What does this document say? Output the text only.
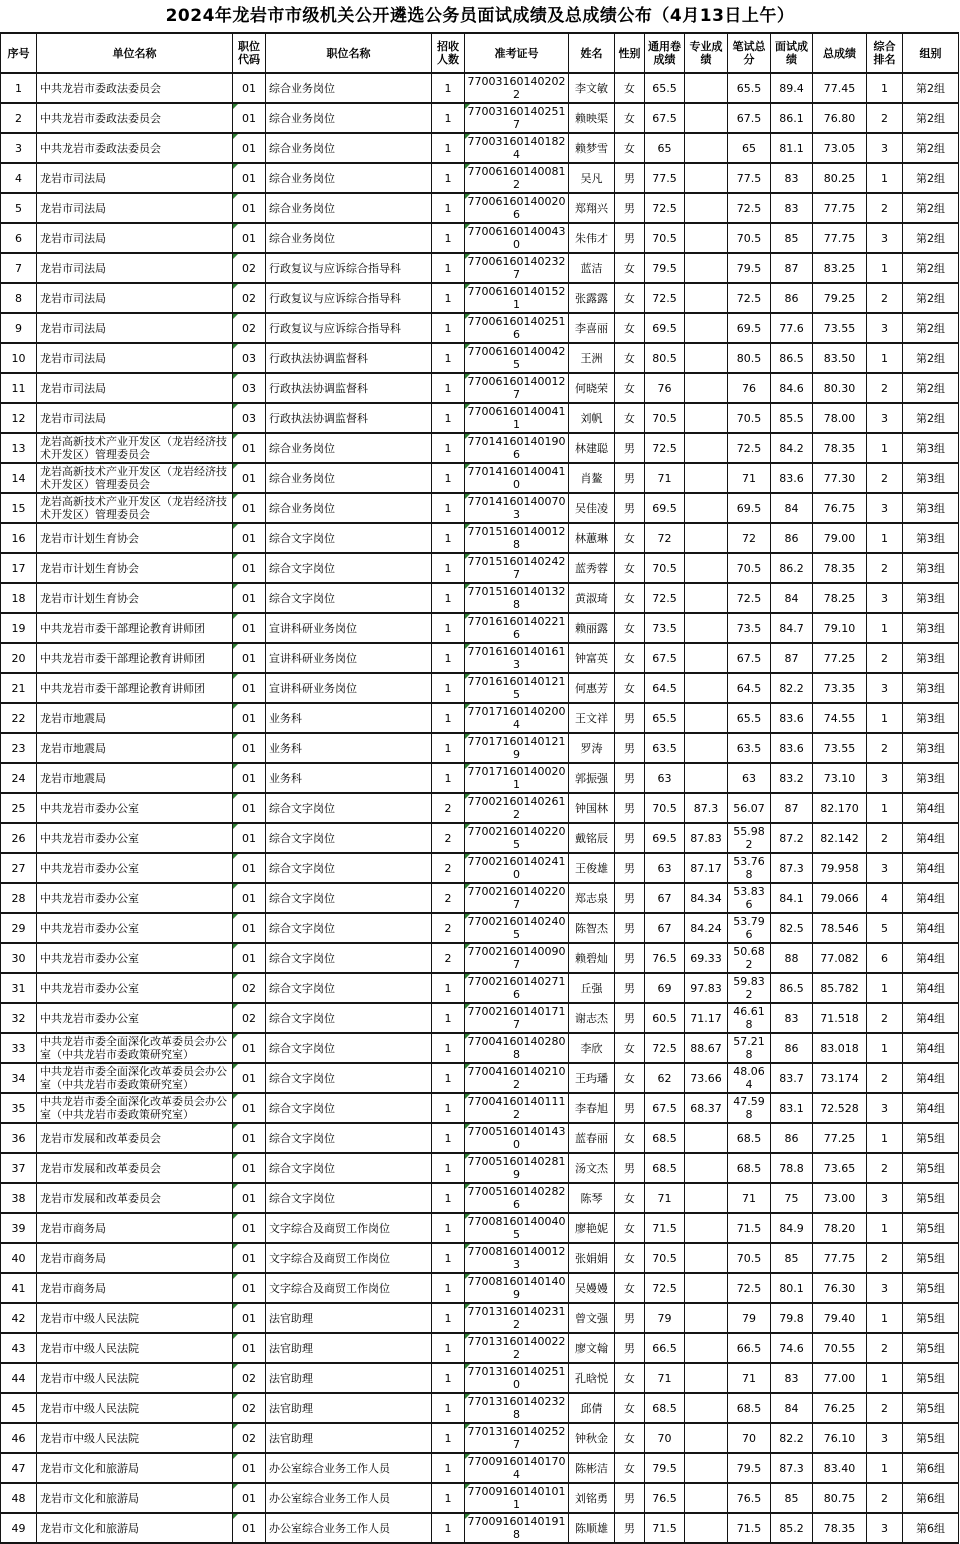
2024年龙岩市市级机关公开遴选公务员面试成绩及总成绩公布（4月13日上午）
序号	单位名称	职位代码	职位名称	招收人数	准考证号	姓名	性别	通用卷成绩	专业成绩	笔试总分	面试成绩	总成绩	综合排名	组别
1	中共龙岩市委政法委员会	01	综合业务岗位	1	770031601402022	李文敏	女	65.5		65.5	89.4	77.45	1	第2组
2	中共龙岩市委政法委员会	01	综合业务岗位	1	770031601402517	赖映渠	女	67.5		67.5	86.1	76.80	2	第2组
3	中共龙岩市委政法委员会	01	综合业务岗位	1	770031601401824	赖梦雪	女	65		65	81.1	73.05	3	第2组
4	龙岩市司法局	01	综合业务岗位	1	770061601400812	吴凡	男	77.5		77.5	83	80.25	1	第2组
5	龙岩市司法局	01	综合业务岗位	1	770061601400206	郑翔兴	男	72.5		72.5	83	77.75	2	第2组
6	龙岩市司法局	01	综合业务岗位	1	770061601400430	朱伟才	男	70.5		70.5	85	77.75	3	第2组
7	龙岩市司法局	02	行政复议与应诉综合指导科	1	770061601402327	蓝洁	女	79.5		79.5	87	83.25	1	第2组
8	龙岩市司法局	02	行政复议与应诉综合指导科	1	770061601401521	张露露	女	72.5		72.5	86	79.25	2	第2组
9	龙岩市司法局	02	行政复议与应诉综合指导科	1	770061601402516	李喜丽	女	69.5		69.5	77.6	73.55	3	第2组
10	龙岩市司法局	03	行政执法协调监督科	1	770061601400425	王洲	女	80.5		80.5	86.5	83.50	1	第2组
11	龙岩市司法局	03	行政执法协调监督科	1	770061601400127	何晓荣	女	76		76	84.6	80.30	2	第2组
12	龙岩市司法局	03	行政执法协调监督科	1	770061601400411	刘帆	女	70.5		70.5	85.5	78.00	3	第2组
13	龙岩高新技术产业开发区（龙岩经济技术开发区）管理委员会	01	综合业务岗位	1	770141601401906	林建聪	男	72.5		72.5	84.2	78.35	1	第3组
14	龙岩高新技术产业开发区（龙岩经济技术开发区）管理委员会	01	综合业务岗位	1	770141601400410	肖鳌	男	71		71	83.6	77.30	2	第3组
15	龙岩高新技术产业开发区（龙岩经济技术开发区）管理委员会	01	综合业务岗位	1	770141601400703	吴佳凌	男	69.5		69.5	84	76.75	3	第3组
16	龙岩市计划生育协会	01	综合文字岗位	1	770151601400128	林蕙琳	女	72		72	86	79.00	1	第3组
17	龙岩市计划生育协会	01	综合文字岗位	1	770151601402427	蓝秀蓉	女	70.5		70.5	86.2	78.35	2	第3组
18	龙岩市计划生育协会	01	综合文字岗位	1	770151601401328	黄淑琦	女	72.5		72.5	84	78.25	3	第3组
19	中共龙岩市委干部理论教育讲师团	01	宣讲科研业务岗位	1	770161601402216	赖丽露	女	73.5		73.5	84.7	79.10	1	第3组
20	中共龙岩市委干部理论教育讲师团	01	宣讲科研业务岗位	1	770161601401613	钟富英	女	67.5		67.5	87	77.25	2	第3组
21	中共龙岩市委干部理论教育讲师团	01	宣讲科研业务岗位	1	770161601401215	何惠芳	女	64.5		64.5	82.2	73.35	3	第3组
22	龙岩市地震局	01	业务科	1	770171601402004	王文祥	男	65.5		65.5	83.6	74.55	1	第3组
23	龙岩市地震局	01	业务科	1	770171601401219	罗涛	男	63.5		63.5	83.6	73.55	2	第3组
24	龙岩市地震局	01	业务科	1	770171601400201	郭振强	男	63		63	83.2	73.10	3	第3组
25	中共龙岩市委办公室	01	综合文字岗位	2	770021601402612	钟国林	男	70.5	87.3	56.07	87	82.170	1	第4组
26	中共龙岩市委办公室	01	综合文字岗位	2	770021601402205	戴铭辰	男	69.5	87.83	55.982	87.2	82.142	2	第4组
27	中共龙岩市委办公室	01	综合文字岗位	2	770021601402410	王俊雄	男	63	87.17	53.768	87.3	79.958	3	第4组
28	中共龙岩市委办公室	01	综合文字岗位	2	770021601402207	郑志泉	男	67	84.34	53.836	84.1	79.066	4	第4组
29	中共龙岩市委办公室	01	综合文字岗位	2	770021601402405	陈智杰	男	67	84.24	53.796	82.5	78.546	5	第4组
30	中共龙岩市委办公室	01	综合文字岗位	2	770021601400907	赖碧灿	男	76.5	69.33	50.682	88	77.082	6	第4组
31	中共龙岩市委办公室	02	综合文字岗位	1	770021601402716	丘强	男	69	97.83	59.832	86.5	85.782	1	第4组
32	中共龙岩市委办公室	02	综合文字岗位	1	770021601401717	谢志杰	男	60.5	71.17	46.618	83	71.518	2	第4组
33	中共龙岩市委全面深化改革委员会办公室（中共龙岩市委政策研究室）	01	综合文字岗位	1	770041601402808	李欣	女	72.5	88.67	57.218	86	83.018	1	第4组
34	中共龙岩市委全面深化改革委员会办公室（中共龙岩市委政策研究室）	01	综合文字岗位	1	770041601402102	王玙璠	女	62	73.66	48.064	83.7	73.174	2	第4组
35	中共龙岩市委全面深化改革委员会办公室（中共龙岩市委政策研究室）	01	综合文字岗位	1	770041601401112	李春旭	男	67.5	68.37	47.598	83.1	72.528	3	第4组
36	龙岩市发展和改革委员会	01	综合文字岗位	1	770051601401430	蓝春丽	女	68.5		68.5	86	77.25	1	第5组
37	龙岩市发展和改革委员会	01	综合文字岗位	1	770051601402819	汤文杰	男	68.5		68.5	78.8	73.65	2	第5组
38	龙岩市发展和改革委员会	01	综合文字岗位	1	770051601402826	陈琴	女	71		71	75	73.00	3	第5组
39	龙岩市商务局	01	文字综合及商贸工作岗位	1	770081601400405	廖艳妮	女	71.5		71.5	84.9	78.20	1	第5组
40	龙岩市商务局	01	文字综合及商贸工作岗位	1	770081601400123	张娟娟	女	70.5		70.5	85	77.75	2	第5组
41	龙岩市商务局	01	文字综合及商贸工作岗位	1	770081601401409	吴嫚嫚	女	72.5		72.5	80.1	76.30	3	第5组
42	龙岩市中级人民法院	01	法官助理	1	770131601402312	曾文强	男	79		79	79.8	79.40	1	第5组
43	龙岩市中级人民法院	01	法官助理	1	770131601400222	廖文翰	男	66.5		66.5	74.6	70.55	2	第5组
44	龙岩市中级人民法院	02	法官助理	1	770131601402510	孔晗悦	女	71		71	83	77.00	1	第5组
45	龙岩市中级人民法院	02	法官助理	1	770131601402328	邱倩	女	68.5		68.5	84	76.25	2	第5组
46	龙岩市中级人民法院	02	法官助理	1	770131601402527	钟秋金	女	70		70	82.2	76.10	3	第5组
47	龙岩市文化和旅游局	01	办公室综合业务工作人员	1	770091601401704	陈彬洁	女	79.5		79.5	87.3	83.40	1	第6组
48	龙岩市文化和旅游局	01	办公室综合业务工作人员	1	770091601401011	刘铭勇	男	76.5		76.5	85	80.75	2	第6组
49	龙岩市文化和旅游局	01	办公室综合业务工作人员	1	770091601401918	陈顺雄	男	71.5		71.5	85.2	78.35	3	第6组
